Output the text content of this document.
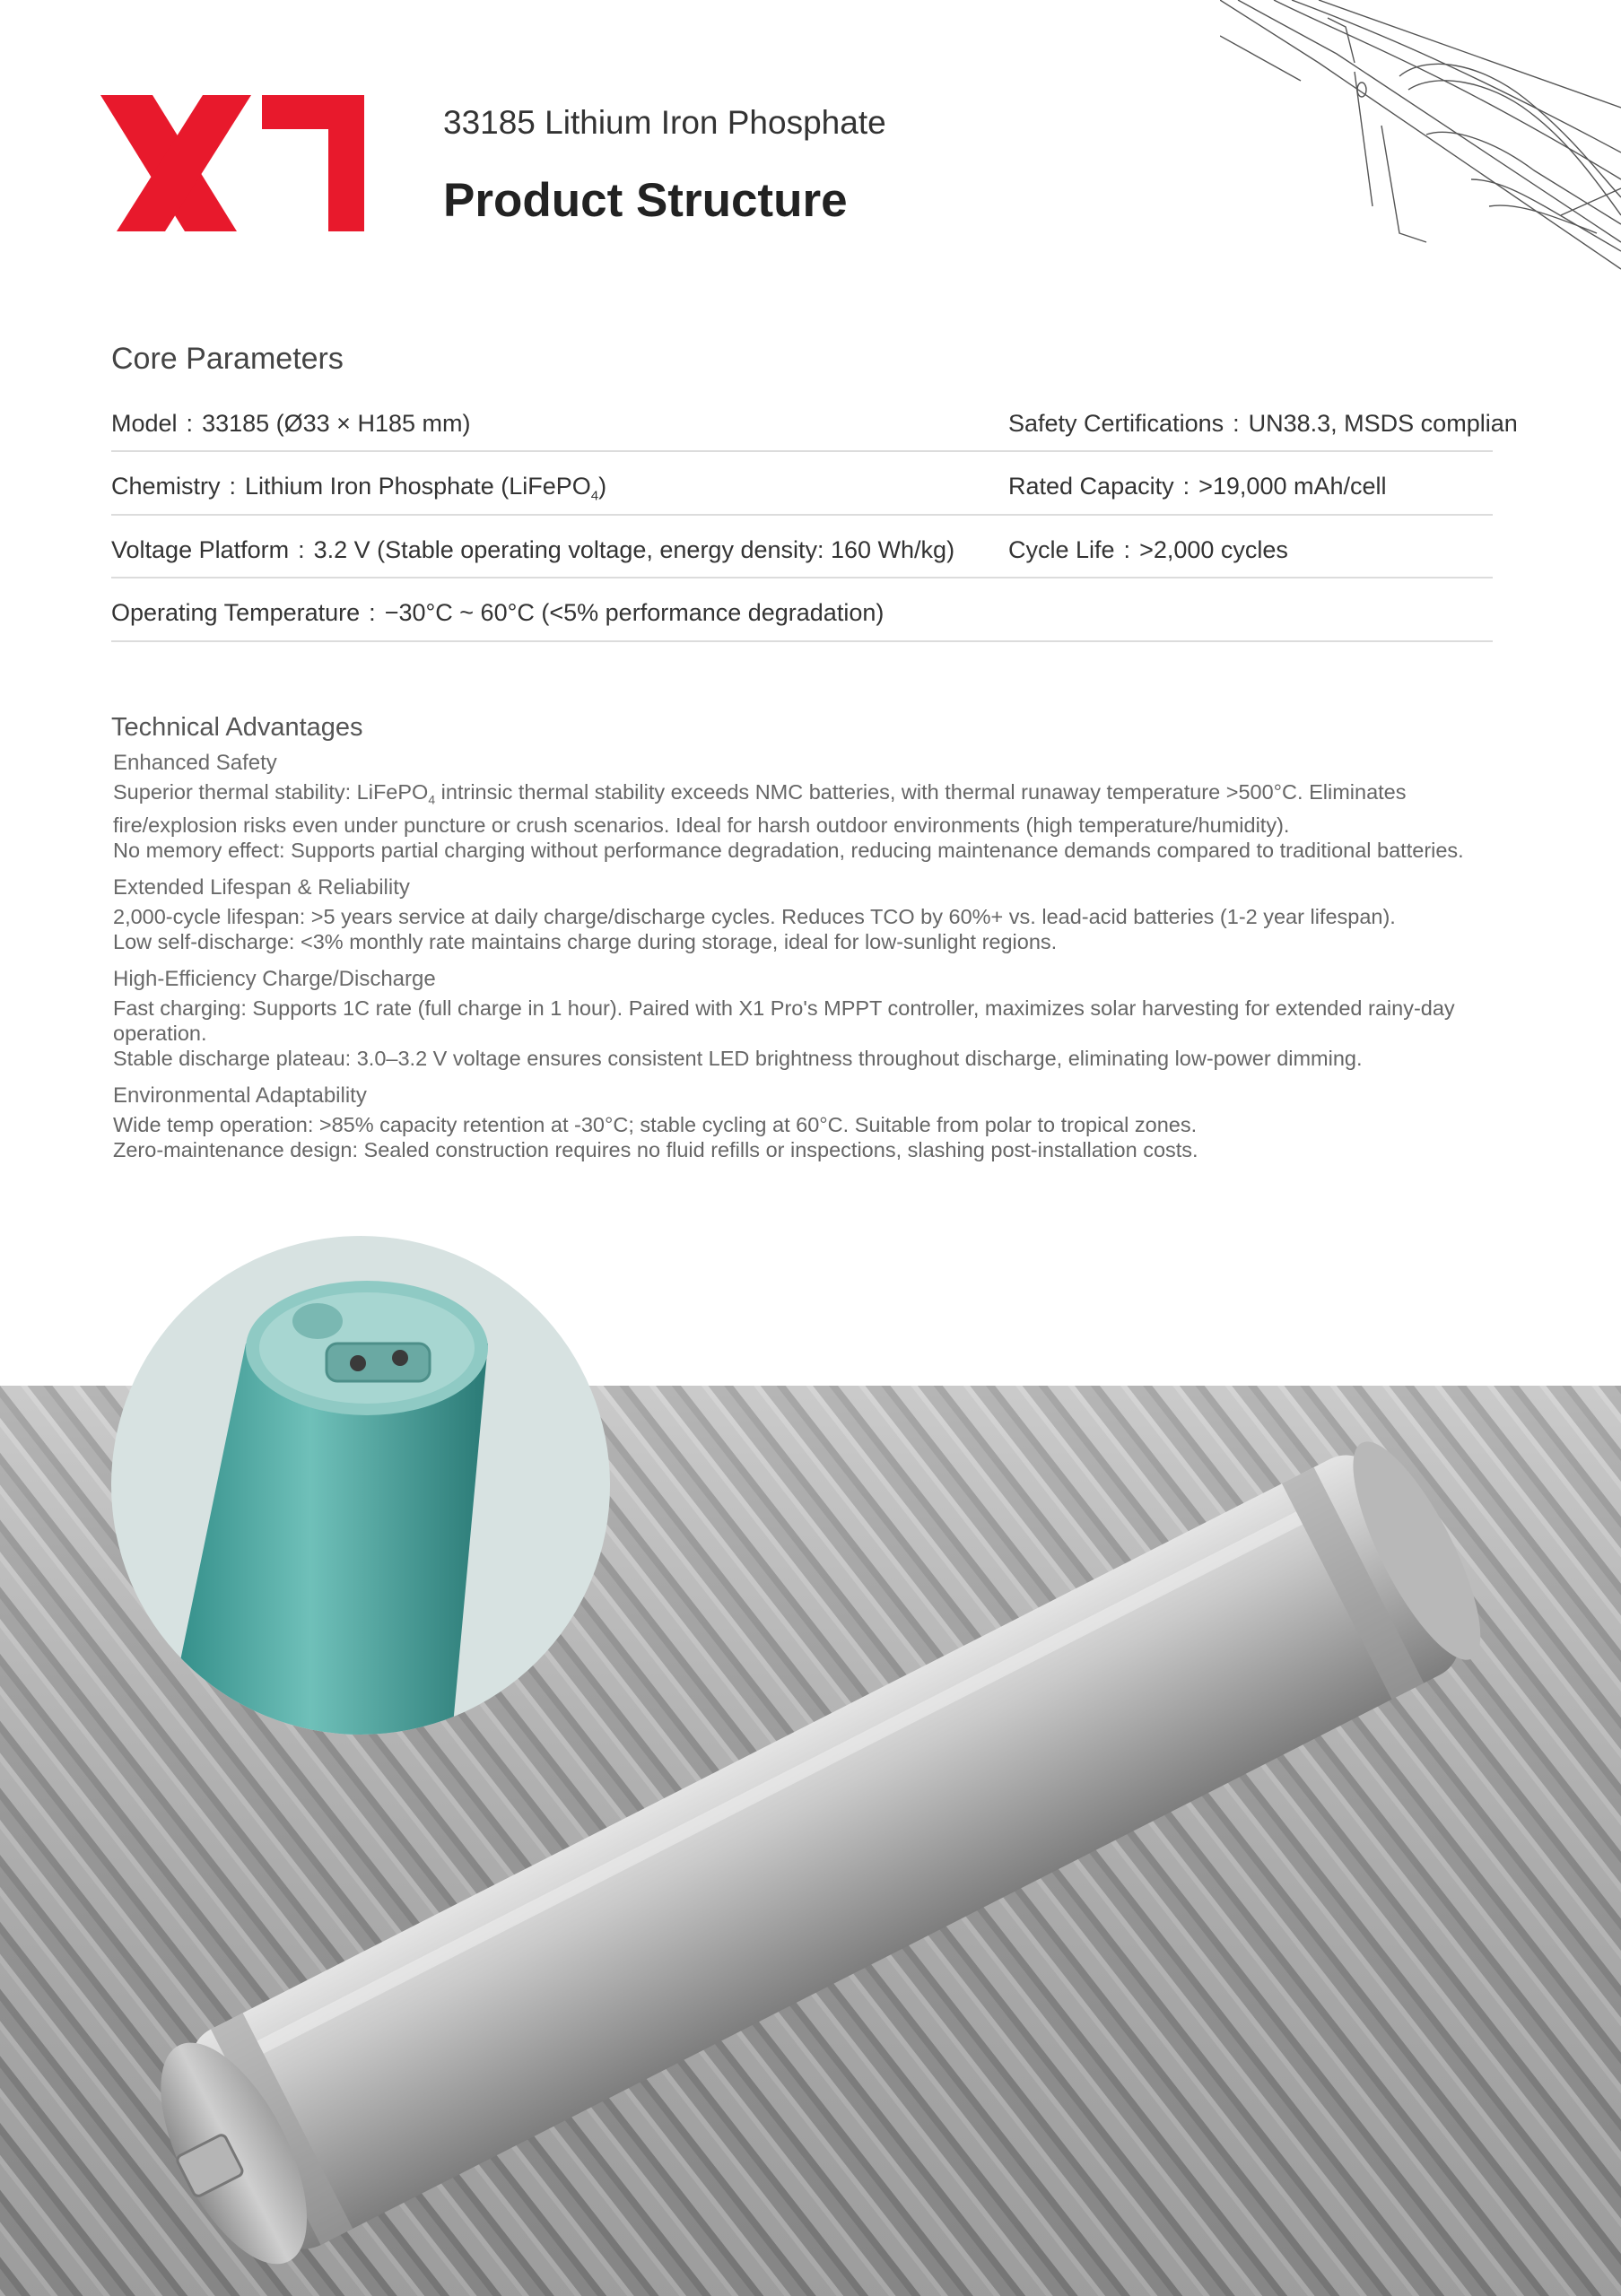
33185 Lithium Iron Phosphate
Product Structure
Core Parameters
Model : 33185 (Ø33 × H185 mm)	Safety Certifications : UN38.3, MSDS complian
Chemistry : Lithium Iron Phosphate (LiFePO$_4$)	Rated Capacity : >19,000 mAh/cell
Voltage Platform : 3.2 V (Stable operating voltage, energy density: 160 Wh/kg) Cycle Life : >2,000 cycles
Operating Temperature : −30°C ~ 60°C (<5% performance degradation)
Technical Advantages
Enhanced Safety

Superior thermal stability: LiFePO$_4$ intrinsic thermal stability exceeds NMC batteries, with thermal runaway temperature >500°C. Eliminates fire/explosion risks even under puncture or crush scenarios. Ideal for harsh outdoor environments (high temperature/humidity).

No memory effect: Supports partial charging without performance degradation, reducing maintenance demands compared to traditional batteries.

Extended Lifespan & Reliability

2,000-cycle lifespan: >5 years service at daily charge/discharge cycles. Reduces TCO by 60%+ vs. lead-acid batteries (1-2 year lifespan).

Low self-discharge: <3% monthly rate maintains charge during storage, ideal for low-sunlight regions.

High-Efficiency Charge/Discharge

Fast charging: Supports 1C rate (full charge in 1 hour). Paired with X1 Pro's MPPT controller, maximizes solar harvesting for extended rainy-day operation.

Stable discharge plateau: 3.0–3.2 V voltage ensures consistent LED brightness throughout discharge, eliminating low-power dimming.

Environmental Adaptability

Wide temp operation: >85% capacity retention at -30°C; stable cycling at 60°C. Suitable from polar to tropical zones.

Zero-maintenance design: Sealed construction requires no fluid refills or inspections, slashing post-installation costs.
